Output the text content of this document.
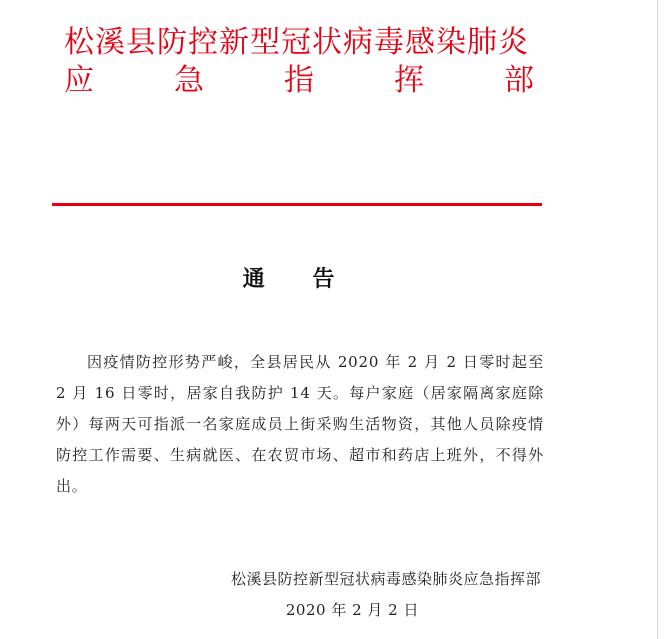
松溪县防控新型冠状病毒感染肺炎
应	急	指	挥	部
通 告

因疫情防控形势严峻，全县居民从 2020 年 2 月 2 日零时起至 2 月 16 日零时，居家自我防护 14 天。每户家庭（居家隔离家庭除外）每两天可指派一名家庭成员上街采购生活物资，其他人员除疫情防控工作需要、生病就医、在农贸市场、超市和药店上班外，不得外出。

松溪县防控新型冠状病毒感染肺炎应急指挥部
2020 年 2 月 2 日
